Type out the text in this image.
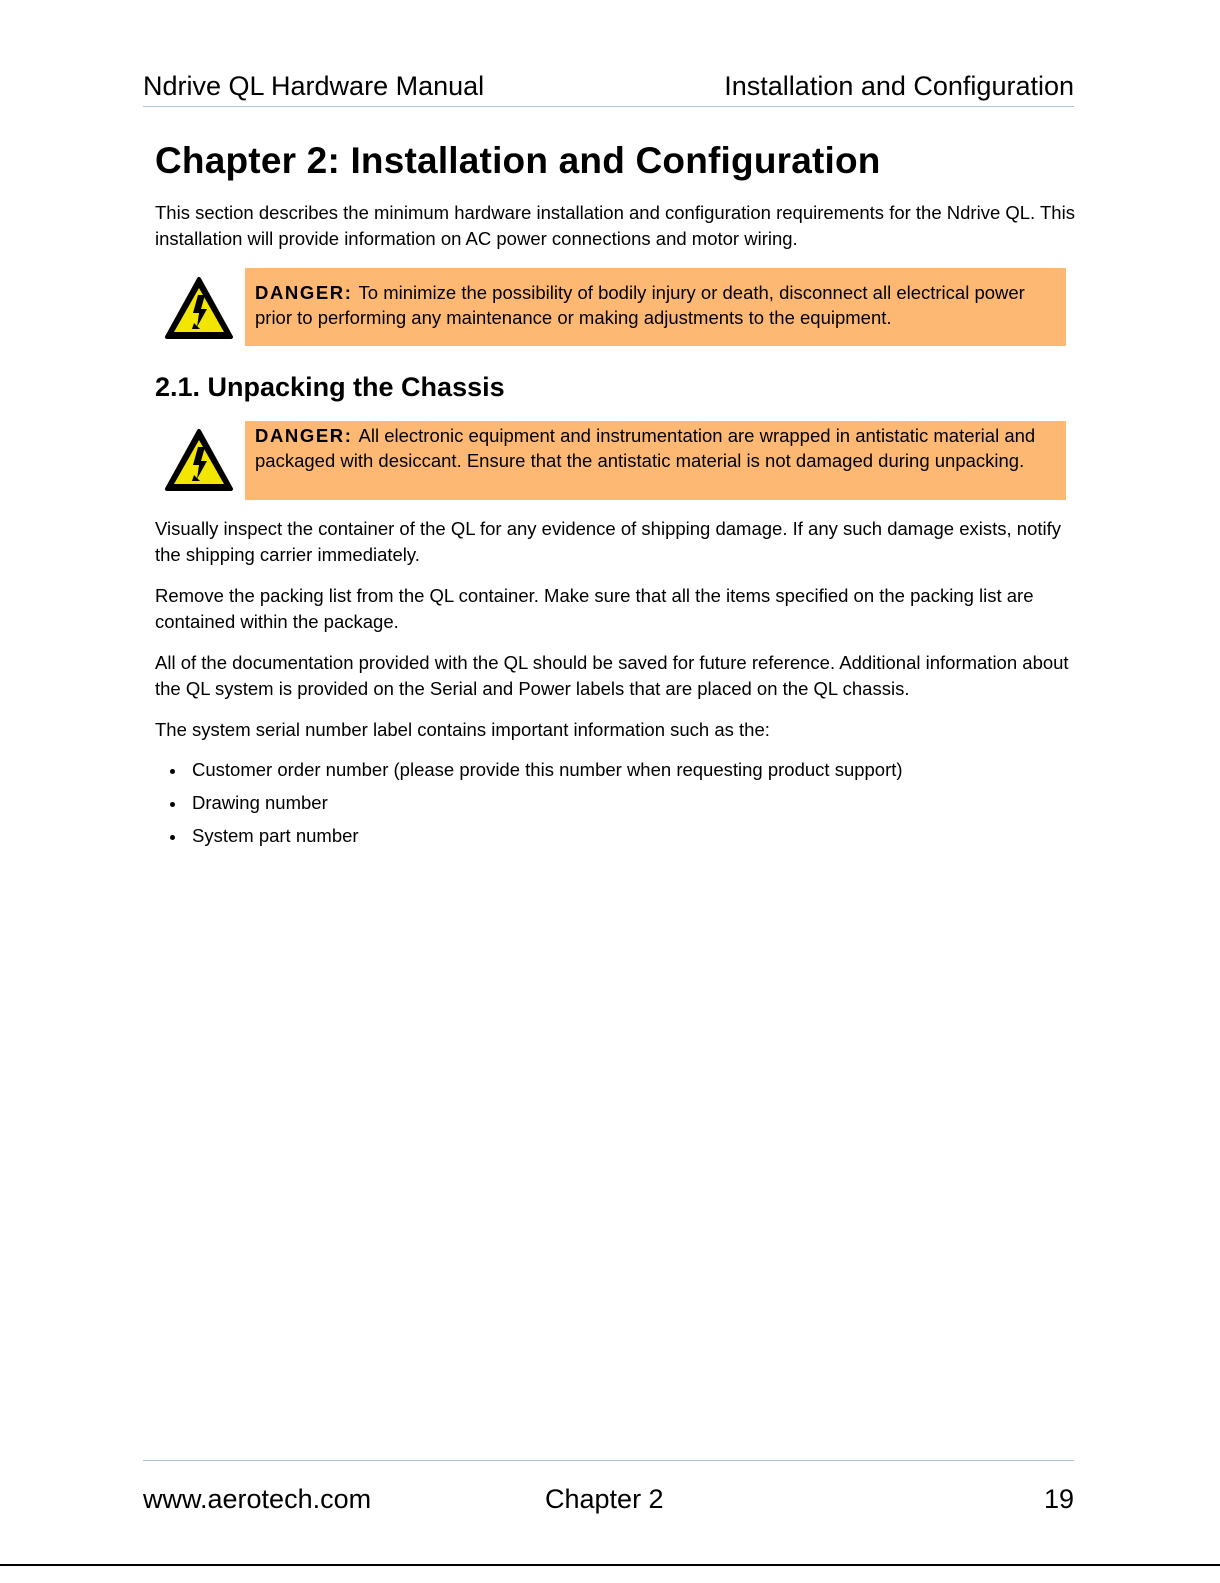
Ndrive QL Hardware Manual	Installation and Configuration
DANGER: To minimize the possibility of bodily injury or death, disconnect all electrical power prior to performing any maintenance or making adjustments to the equipment.
DANGER: All electronic equipment and instrumentation are wrapped in antistatic material and packaged with desiccant. Ensure that the antistatic material is not damaged during unpacking.
Chapter 2: Installation and Configuration

This section describes the minimum hardware installation and configuration requirements for the Ndrive QL. This installation will provide information on AC power connections and motor wiring.

2.1. Unpacking the Chassis

Visually inspect the container of the QL for any evidence of shipping damage. If any such damage exists, notify the shipping carrier immediately.

Remove the packing list from the QL container. Make sure that all the items specified on the packing list are contained within the package.

All of the documentation provided with the QL should be saved for future reference. Additional information about the QL system is provided on the Serial and Power labels that are placed on the QL chassis.

The system serial number label contains important information such as the:

Customer order number (please provide this number when requesting product support)
Drawing number
System part number
www.aerotech.com	Chapter 2	19
